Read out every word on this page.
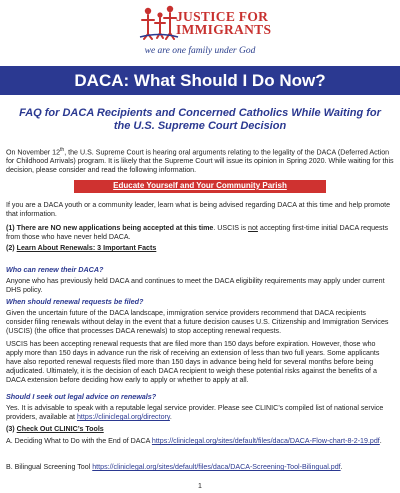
JUSTICE FOR
IMMIGRANTS
we are one family under God
DACA: What Should I Do Now?
FAQ for DACA Recipients and Concerned Catholics While Waiting for the U.S. Supreme Court Decision
On November 12th, the U.S. Supreme Court is hearing oral arguments relating to the legality of the DACA (Deferred Action for Childhood Arrivals) program. It is likely that the Supreme Court will issue its opinion in Spring 2020. While waiting for this decision, please consider and read the following information.
Educate Yourself and Your Community Parish
If you are a DACA youth or a community leader, learn what is being advised regarding DACA at this time and help promote that information.
(1) There are NO new applications being accepted at this time. USCIS is not accepting first-time initial DACA requests from those who have never held DACA.
(2) Learn About Renewals: 3 Important Facts
Who can renew their DACA?
Anyone who has previously held DACA and continues to meet the DACA eligibility requirements may apply under current DHS policy.
When should renewal requests be filed?
Given the uncertain future of the DACA landscape, immigration service providers recommend that DACA recipients consider filing renewals without delay in the event that a future decision causes U.S. Citizenship and Immigration Services (USCIS) (the office that processes DACA renewals) to stop accepting renewal requests.
USCIS has been accepting renewal requests that are filed more than 150 days before expiration. However, those who apply more than 150 days in advance run the risk of receiving an extension of less than two full years. Some applicants have also reported renewal requests filed more than 150 days in advance being held for several months before being adjudicated. Ultimately, it is the decision of each DACA recipient to weigh these potential risks against the benefits of a DACA extension before deciding how early to apply or whether to apply at all.
Should I seek out legal advice on renewals?
Yes. It is advisable to speak with a reputable legal service provider. Please see CLINIC’s compiled list of national service providers, available at https://cliniclegal.org/directory.
(3) Check Out CLINIC’s Tools
A. Deciding What to Do with the End of DACA https://cliniclegal.org/sites/default/files/daca/DACA-Flow-chart-8-2-19.pdf.
B. Bilingual Screening Tool https://cliniclegal.org/sites/default/files/daca/DACA-Screening-Tool-Bilingual.pdf.
1
